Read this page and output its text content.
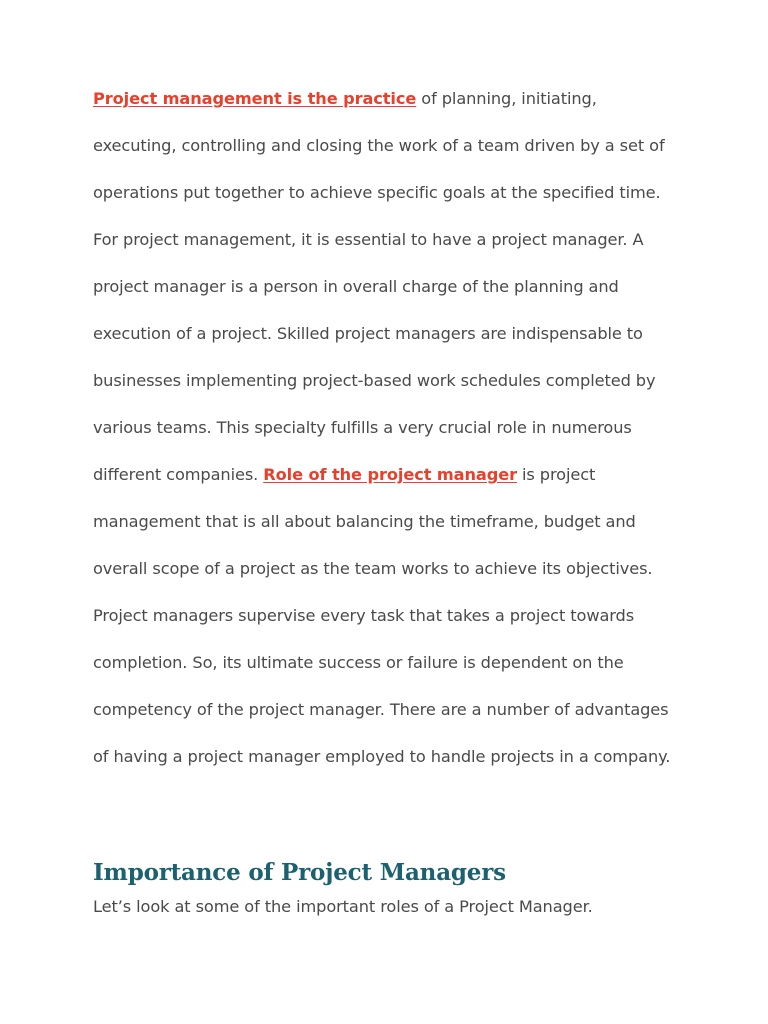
Project management is the practice of planning, initiating, executing, controlling and closing the work of a team driven by a set of operations put together to achieve specific goals at the specified time. For project management, it is essential to have a project manager. A project manager is a person in overall charge of the planning and execution of a project. Skilled project managers are indispensable to businesses implementing project-based work schedules completed by various teams. This specialty fulfills a very crucial role in numerous different companies. Role of the project manager is project management that is all about balancing the timeframe, budget and overall scope of a project as the team works to achieve its objectives. Project managers supervise every task that takes a project towards completion. So, its ultimate success or failure is dependent on the competency of the project manager. There are a number of advantages of having a project manager employed to handle projects in a company.

Importance of Project Managers

Let’s look at some of the important roles of a Project Manager.
